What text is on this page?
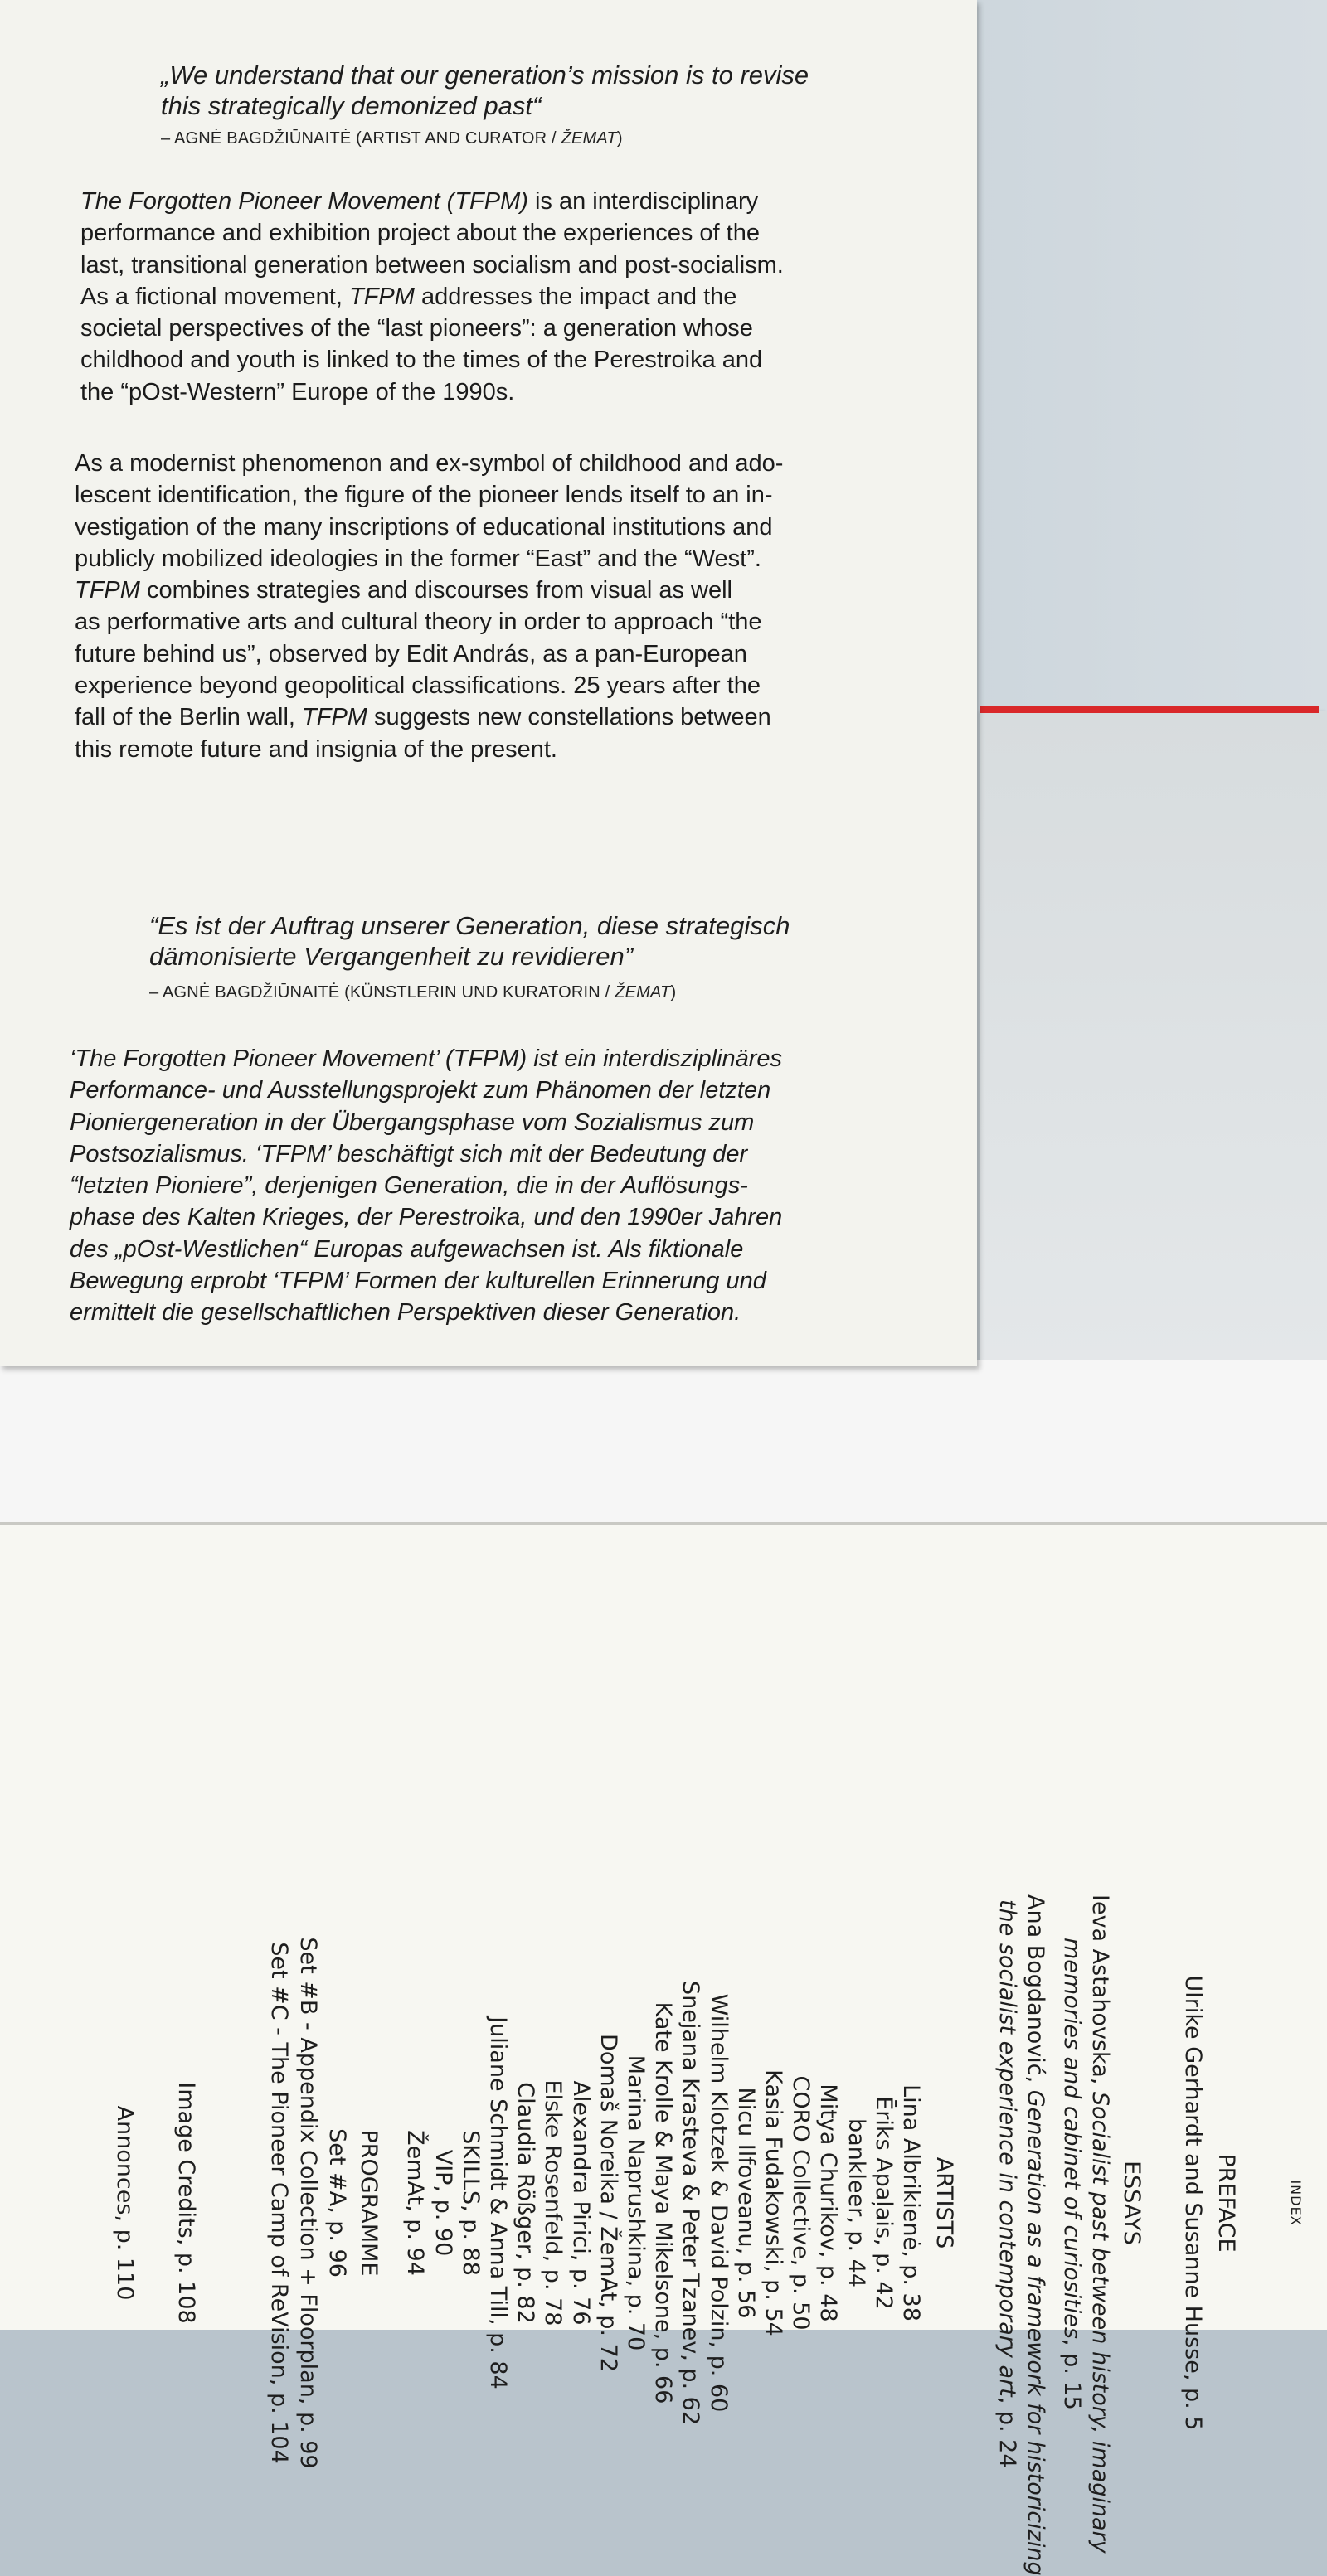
„We understand that our generation’s mission is to revise
this strategically demonized past“
– AGNĖ BAGDŽIŪNAITĖ (ARTIST AND CURATOR / ŽEMAT)
The Forgotten Pioneer Movement (TFPM) is an interdisciplinary
performance and exhibition project about the experiences of the
last, transitional generation between socialism and post-socialism.
As a fictional movement, TFPM addresses the impact and the
societal perspectives of the “last pioneers”: a generation whose
childhood and youth is linked to the times of the Perestroika and
the “pOst-Western” Europe of the 1990s.
As a modernist phenomenon and ex-symbol of childhood and ado-
lescent identification, the figure of the pioneer lends itself to an in-
vestigation of the many inscriptions of educational institutions and
publicly mobilized ideologies in the former “East” and the “West”.
TFPM combines strategies and discourses from visual as well
as performative arts and cultural theory in order to approach “the
future behind us”, observed by Edit András, as a pan-European
experience beyond geopolitical classifications. 25 years after the
fall of the Berlin wall, TFPM suggests new constellations between
this remote future and insignia of the present.
“Es ist der Auftrag unserer Generation, diese strategisch
dämonisierte Vergangenheit zu revidieren”
– AGNĖ BAGDŽIŪNAITĖ (KÜNSTLERIN UND KURATORIN / ŽEMAT)
‘The Forgotten Pioneer Movement’ (TFPM) ist ein interdisziplinäres
Performance- und Ausstellungsprojekt zum Phänomen der letzten
Pioniergeneration in der Übergangsphase vom Sozialismus zum
Postsozialismus. ‘TFPM’ beschäftigt sich mit der Bedeutung der
“letzten Pioniere”, derjenigen Generation, die in der Auflösungs-
phase des Kalten Krieges, der Perestroika, und den 1990er Jahren
des „pOst-Westlichen“ Europas aufgewachsen ist. Als fiktionale
Bewegung erprobt ‘TFPM’ Formen der kulturellen Erinnerung und
ermittelt die gesellschaftlichen Perspektiven dieser Generation.
INDEX
PREFACE
Ulrike Gerhardt and Susanne Husse, p. 5
ESSAYS
Ieva Astahovska, Socialist past between history, imaginary
memories and cabinet of curiosities, p. 15
Ana Bogdanović, Generation as a framework for historicizing
the socialist experience in contemporary art, p. 24
ARTISTS
Lina Albrikienė, p. 38
Ēriks Apaļais, p. 42
bankleer, p. 44
Mitya Churikov, p. 48
CORO Collective, p. 50
Kasia Fudakowski, p. 54
Nicu Ilfoveanu, p. 56
Wilhelm Klotzek & David Polzin, p. 60
Snejana Krasteva & Peter Tzanev, p. 62
Kate Krolle & Maya Mikelsone, p. 66
Marina Naprushkina, p. 70
Domaš Noreika / ŽemAt, p. 72
Alexandra Pirici, p. 76
Elske Rosenfeld, p. 78
Claudia Rößger, p. 82
Juliane Schmidt & Anna Till, p. 84
SKILLS, p. 88
VIP, p. 90
ŽemAt, p. 94
PROGRAMME
Set #A, p. 96
Set #B - Appendix Collection + Floorplan, p. 99
Set #C - The Pioneer Camp of ReVision, p. 104
Image Credits, p. 108
Annonces, p. 110
